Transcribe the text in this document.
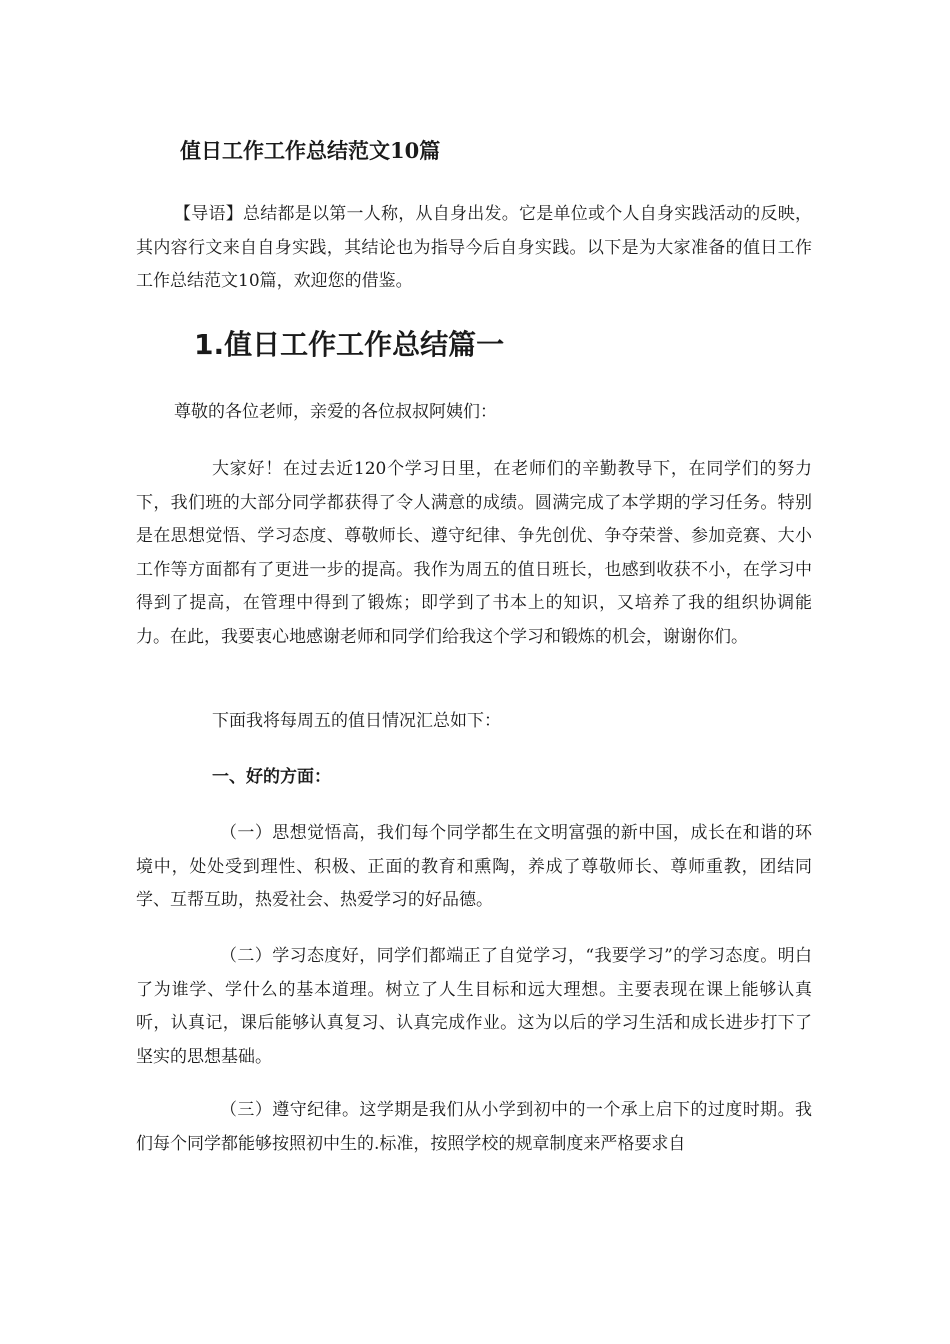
值日工作工作总结范文10篇

【导语】总结都是以第一人称，从自身出发。它是单位或个人自身实践活动的反映，其内容行文来自自身实践，其结论也为指导今后自身实践。以下是为大家准备的值日工作工作总结范文10篇，欢迎您的借鉴。

1.值日工作工作总结篇一

尊敬的各位老师，亲爱的各位叔叔阿姨们：

大家好！在过去近120个学习日里，在老师们的辛勤教导下，在同学们的努力下，我们班的大部分同学都获得了令人满意的成绩。圆满完成了本学期的学习任务。特别是在思想觉悟、学习态度、尊敬师长、遵守纪律、争先创优、争夺荣誉、参加竞赛、大小工作等方面都有了更进一步的提高。我作为周五的值日班长，也感到收获不小，在学习中得到了提高，在管理中得到了锻炼；即学到了书本上的知识，又培养了我的组织协调能力。在此，我要衷心地感谢老师和同学们给我这个学习和锻炼的机会，谢谢你们。

下面我将每周五的值日情况汇总如下：

一、好的方面：

（一）思想觉悟高，我们每个同学都生在文明富强的新中国，成长在和谐的环境中，处处受到理性、积极、正面的教育和熏陶，养成了尊敬师长、尊师重教，团结同学、互帮互助，热爱社会、热爱学习的好品德。

（二）学习态度好，同学们都端正了自觉学习，“我要学习”的学习态度。明白了为谁学、学什么的基本道理。树立了人生目标和远大理想。主要表现在课上能够认真听，认真记，课后能够认真复习、认真完成作业。这为以后的学习生活和成长进步打下了坚实的思想基础。

（三）遵守纪律。这学期是我们从小学到初中的一个承上启下的过度时期。我们每个同学都能够按照初中生的.标准，按照学校的规章制度来严格要求自
